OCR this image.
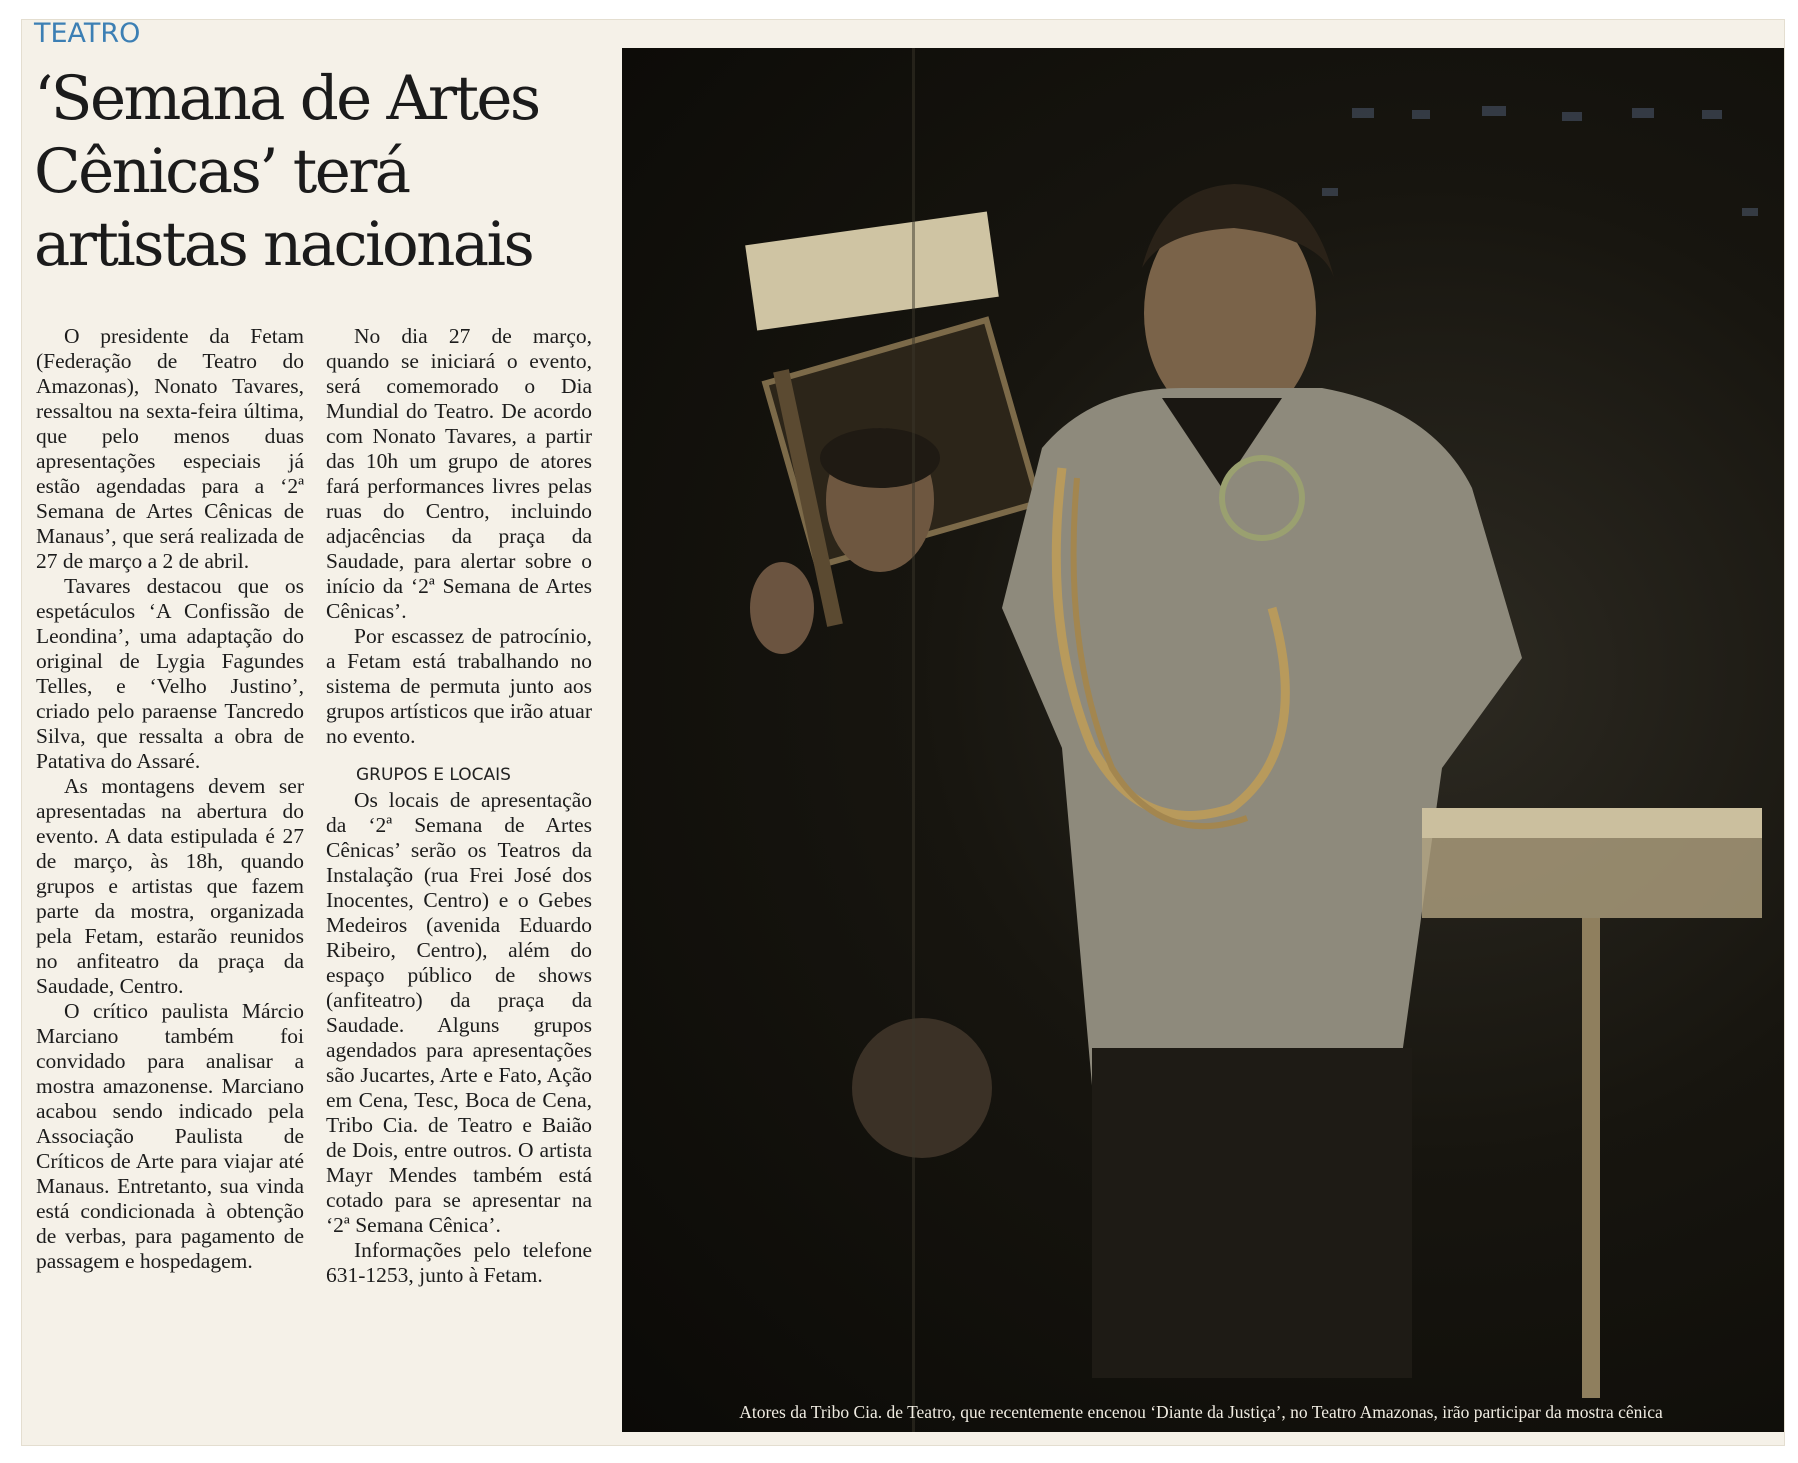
TEATRO
‘Semana de Artes Cênicas’ terá artistas nacionais

O presidente da Fetam (Federação de Teatro do Amazonas), Nonato Tavares, ressaltou na sexta-feira última, que pelo menos duas apresentações especiais já estão agendadas para a ‘2ª Semana de Artes Cênicas de Manaus’, que será realizada de 27 de março a 2 de abril.

Tavares destacou que os espetáculos ‘A Confissão de Leondina’, uma adaptação do original de Lygia Fagundes Telles, e ‘Velho Justino’, criado pelo paraense Tancredo Silva, que ressalta a obra de Patativa do Assaré.

As montagens devem ser apresentadas na abertura do evento. A data estipulada é 27 de março, às 18h, quando grupos e artistas que fazem parte da mostra, organizada pela Fetam, estarão reunidos no anfiteatro da praça da Saudade, Centro.

O crítico paulista Márcio Marciano também foi convidado para analisar a mostra amazonense. Marciano acabou sendo indicado pela Associação Paulista de Críticos de Arte para viajar até Manaus. Entretanto, sua vinda está condicionada à obtenção de verbas, para pagamento de passagem e hospedagem.

No dia 27 de março, quando se iniciará o evento, será comemorado o Dia Mundial do Teatro. De acordo com Nonato Tavares, a partir das 10h um grupo de atores fará performances livres pelas ruas do Centro, incluindo adjacências da praça da Saudade, para alertar sobre o início da ‘2ª Semana de Artes Cênicas’.

Por escassez de patrocínio, a Fetam está trabalhando no sistema de permuta junto aos grupos artísticos que irão atuar no evento.

GRUPOS E LOCAIS

Os locais de apresentação da ‘2ª Semana de Artes Cênicas’ serão os Teatros da Instalação (rua Frei José dos Inocentes, Centro) e o Gebes Medeiros (avenida Eduardo Ribeiro, Centro), além do espaço público de shows (anfiteatro) da praça da Saudade. Alguns grupos agendados para apresentações são Jucartes, Arte e Fato, Ação em Cena, Tesc, Boca de Cena, Tribo Cia. de Teatro e Baião de Dois, entre outros. O artista Mayr Mendes também está cotado para se apresentar na ‘2ª Semana Cênica’.

Informações pelo telefone 631-1253, junto à Fetam.

Atores da Tribo Cia. de Teatro, que recentemente encenou ‘Diante da Justiça’, no Teatro Amazonas, irão participar da mostra cênica
